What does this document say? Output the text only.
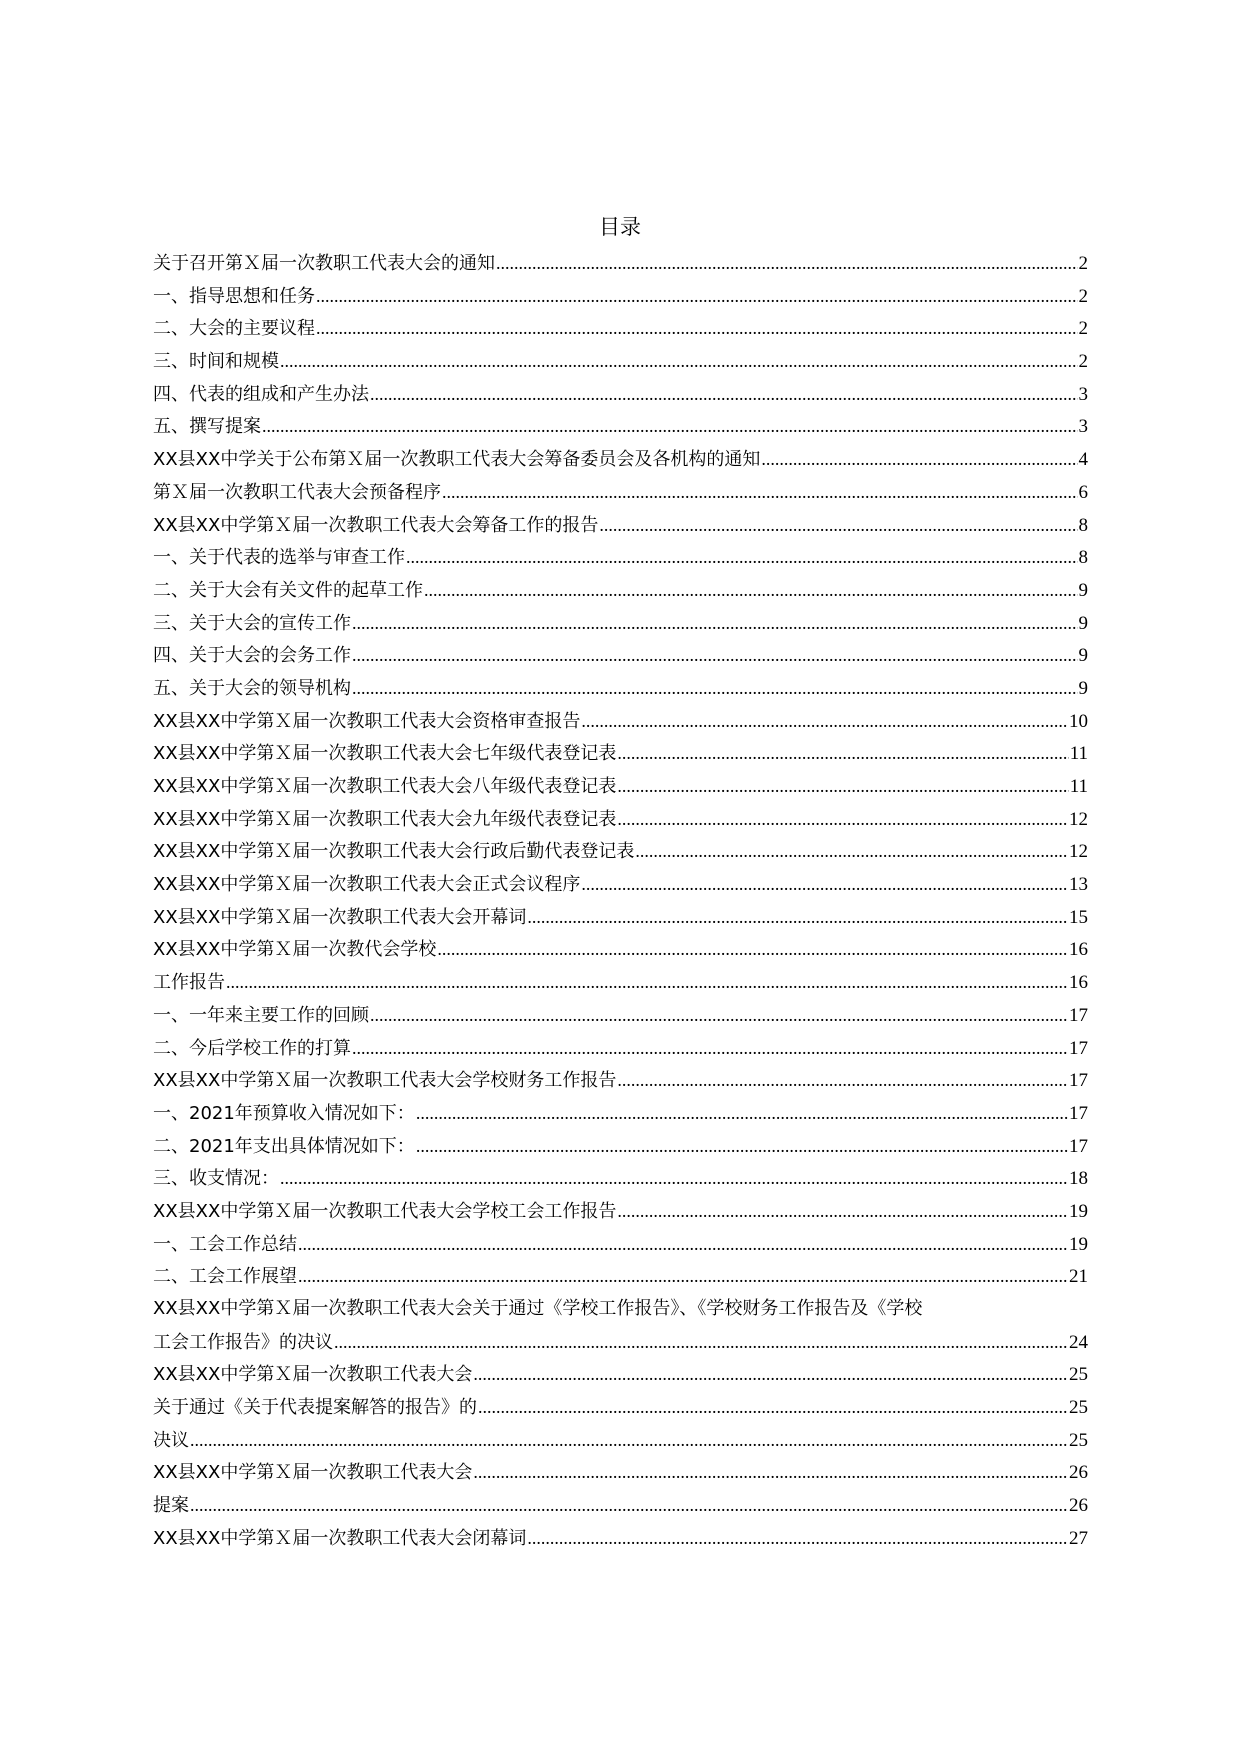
目录
关于召开第Ｘ届一次教职工代表大会的通知 .....	2
一、指导思想和任务 .....	2
二、大会的主要议程 .....	2
三、时间和规模 .....	2
四、代表的组成和产生办法 .....	3
五、撰写提案 .....	3
XX县XX中学关于公布第Ｘ届一次教职工代表大会筹备委员会及各机构的通知 .....	4
第Ｘ届一次教职工代表大会预备程序 .....	6
XX县XX中学第Ｘ届一次教职工代表大会筹备工作的报告 .....	8
一、关于代表的选举与审查工作 .....	8
二、关于大会有关文件的起草工作 .....	9
三、关于大会的宣传工作 .....	9
四、关于大会的会务工作 .....	9
五、关于大会的领导机构 .....	9
XX县XX中学第Ｘ届一次教职工代表大会资格审查报告 .....	10
XX县XX中学第Ｘ届一次教职工代表大会七年级代表登记表 .....	11
XX县XX中学第Ｘ届一次教职工代表大会八年级代表登记表 .....	11
XX县XX中学第Ｘ届一次教职工代表大会九年级代表登记表 .....	12
XX县XX中学第Ｘ届一次教职工代表大会行政后勤代表登记表 .....	12
XX县XX中学第Ｘ届一次教职工代表大会正式会议程序 .....	13
XX县XX中学第Ｘ届一次教职工代表大会开幕词 .....	15
XX县XX中学第Ｘ届一次教代会学校 .....	16
工作报告 .....	16
一、一年来主要工作的回顾 .....	17
二、今后学校工作的打算 .....	17
XX县XX中学第Ｘ届一次教职工代表大会学校财务工作报告 .....	17
一、2021年预算收入情况如下： .....	17
二、2021年支出具体情况如下： .....	17
三、收支情况： .....	18
XX县XX中学第Ｘ届一次教职工代表大会学校工会工作报告 .....	19
一、工会工作总结 .....	19
二、工会工作展望 .....	21
XX县XX中学第Ｘ届一次教职工代表大会关于通过《学校工作报告》、《学校财务工作报告及《学校
工会工作报告》的决议 .....	24
XX县XX中学第Ｘ届一次教职工代表大会 .....	25
关于通过《关于代表提案解答的报告》的 .....	25
决议 .....	25
XX县XX中学第Ｘ届一次教职工代表大会 .....	26
提案 .....	26
XX县XX中学第Ｘ届一次教职工代表大会闭幕词 .....	27
